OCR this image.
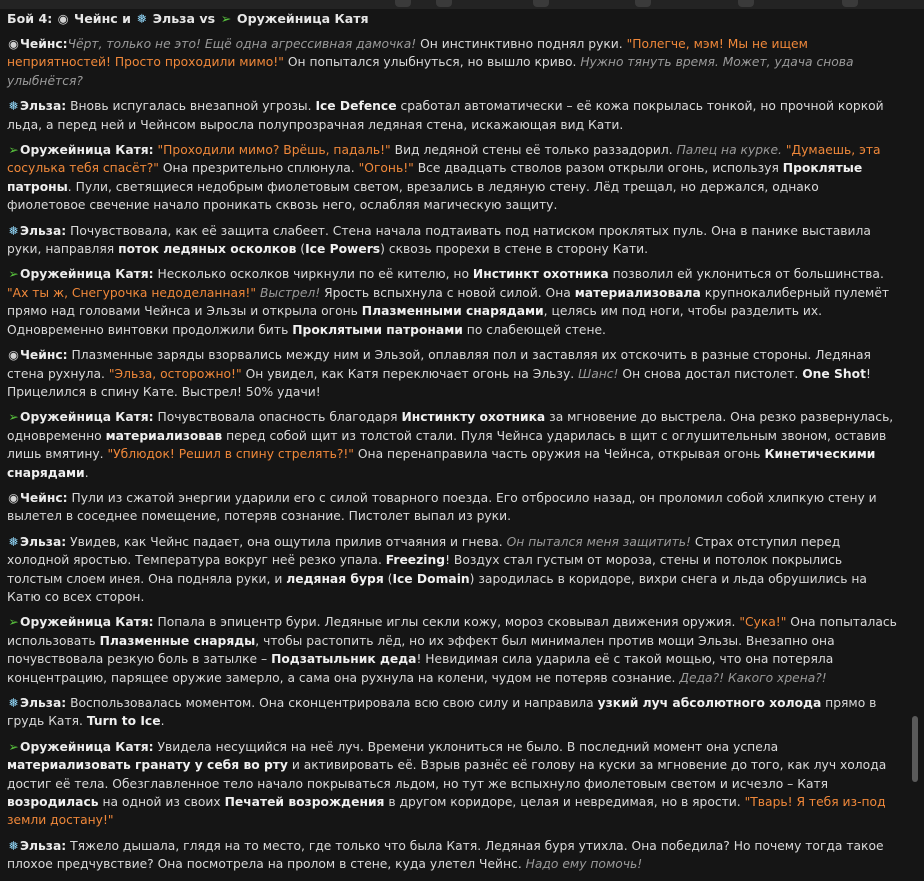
Бой 4: ◉ Чейнс и ❅ Эльза vs ➢ Оружейница Катя
◉Чейнс:Чёрт, только не это! Ещё одна агрессивная дамочка! Он инстинктивно поднял руки. "Полегче, мэм! Мы не ищем неприятностей! Просто проходили мимо!" Он попытался улыбнуться, но вышло криво. Нужно тянуть время. Может, удача снова улыбнётся?
❅Эльза: Вновь испугалась внезапной угрозы. Ice Defence сработал автоматически – её кожа покрылась тонкой, но прочной коркой льда, а перед ней и Чейнсом выросла полупрозрачная ледяная стена, искажающая вид Кати.
➢Оружейница Катя: "Проходили мимо? Врёшь, падаль!" Вид ледяной стены её только раззадорил. Палец на курке. "Думаешь, эта сосулька тебя спасёт?" Она презрительно сплюнула. "Огонь!" Все двадцать стволов разом открыли огонь, используя Проклятые патроны. Пули, светящиеся недобрым фиолетовым светом, врезались в ледяную стену. Лёд трещал, но держался, однако фиолетовое свечение начало проникать сквозь него, ослабляя магическую защиту.
❅Эльза: Почувствовала, как её защита слабеет. Стена начала подтаивать под натиском проклятых пуль. Она в панике выставила руки, направляя поток ледяных осколков (Ice Powers) сквозь прорехи в стене в сторону Кати.
➢Оружейница Катя: Несколько осколков чиркнули по её кителю, но Инстинкт охотника позволил ей уклониться от большинства. "Ах ты ж, Снегурочка недоделанная!" Выстрел! Ярость вспыхнула с новой силой. Она материализовала крупнокалиберный пулемёт прямо над головами Чейнса и Эльзы и открыла огонь Плазменными снарядами, целясь им под ноги, чтобы разделить их. Одновременно винтовки продолжили бить Проклятыми патронами по слабеющей стене.
◉Чейнс: Плазменные заряды взорвались между ним и Эльзой, оплавляя пол и заставляя их отскочить в разные стороны. Ледяная стена рухнула. "Эльза, осторожно!" Он увидел, как Катя переключает огонь на Эльзу. Шанс! Он снова достал пистолет. One Shot! Прицелился в спину Кате. Выстрел! 50% удачи!
➢Оружейница Катя: Почувствовала опасность благодаря Инстинкту охотника за мгновение до выстрела. Она резко развернулась, одновременно материализовав перед собой щит из толстой стали. Пуля Чейнса ударилась в щит с оглушительным звоном, оставив лишь вмятину. "Ублюдок! Решил в спину стрелять?!" Она перенаправила часть оружия на Чейнса, открывая огонь Кинетическими снарядами.
◉Чейнс: Пули из сжатой энергии ударили его с силой товарного поезда. Его отбросило назад, он проломил собой хлипкую стену и вылетел в соседнее помещение, потеряв сознание. Пистолет выпал из руки.
❅Эльза: Увидев, как Чейнс падает, она ощутила прилив отчаяния и гнева. Он пытался меня защитить! Страх отступил перед холодной яростью. Температура вокруг неё резко упала. Freezing! Воздух стал густым от мороза, стены и потолок покрылись толстым слоем инея. Она подняла руки, и ледяная буря (Ice Domain) зародилась в коридоре, вихри снега и льда обрушились на Катю со всех сторон.
➢Оружейница Катя: Попала в эпицентр бури. Ледяные иглы секли кожу, мороз сковывал движения оружия. "Сука!" Она попыталась использовать Плазменные снаряды, чтобы растопить лёд, но их эффект был минимален против мощи Эльзы. Внезапно она почувствовала резкую боль в затылке – Подзатыльник деда! Невидимая сила ударила её с такой мощью, что она потеряла концентрацию, парящее оружие замерло, а сама она рухнула на колени, чудом не потеряв сознание. Деда?! Какого хрена?!
❅Эльза: Воспользовалась моментом. Она сконцентрировала всю свою силу и направила узкий луч абсолютного холода прямо в грудь Катя. Turn to Ice.
➢Оружейница Катя: Увидела несущийся на неё луч. Времени уклониться не было. В последний момент она успела материализовать гранату у себя во рту и активировать её. Взрыв разнёс её голову на куски за мгновение до того, как луч холода достиг её тела. Обезглавленное тело начало покрываться льдом, но тут же вспыхнуло фиолетовым светом и исчезло – Катя возродилась на одной из своих Печатей возрождения в другом коридоре, целая и невредимая, но в ярости. "Тварь! Я тебя из-под земли достану!"
❅Эльза: Тяжело дышала, глядя на то место, где только что была Катя. Ледяная буря утихла. Она победила? Но почему тогда такое плохое предчувствие? Она посмотрела на пролом в стене, куда улетел Чейнс. Надо ему помочь!
